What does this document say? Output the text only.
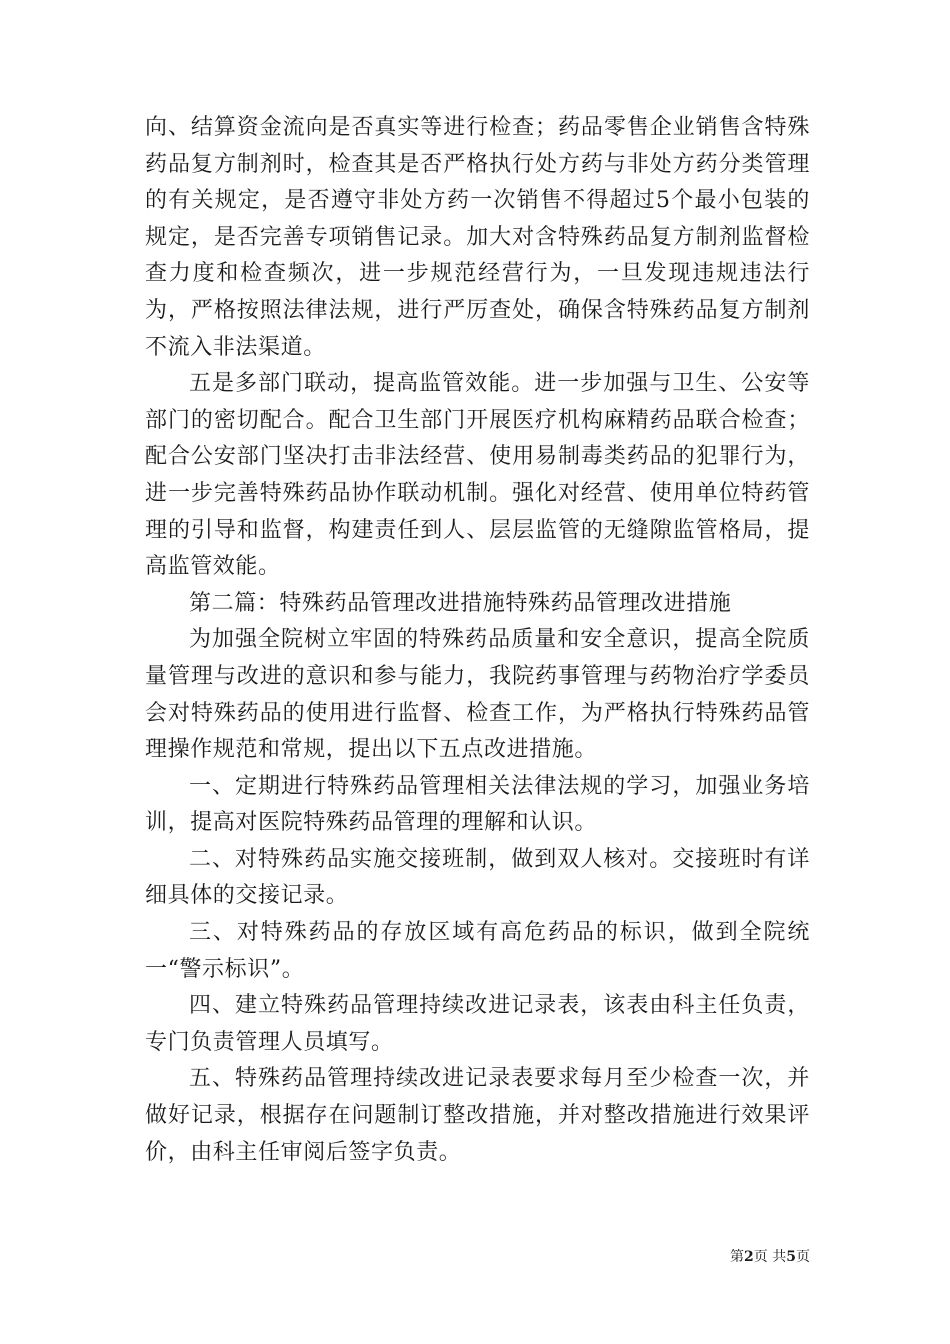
向、结算资金流向是否真实等进行检查；药品零售企业销售含特殊药品复方制剂时，检查其是否严格执行处方药与非处方药分类管理的有关规定，是否遵守非处方药一次销售不得超过5个最小包装的规定，是否完善专项销售记录。加大对含特殊药品复方制剂监督检查力度和检查频次，进一步规范经营行为，一旦发现违规违法行为，严格按照法律法规，进行严厉查处，确保含特殊药品复方制剂不流入非法渠道。

五是多部门联动，提高监管效能。进一步加强与卫生、公安等部门的密切配合。配合卫生部门开展医疗机构麻精药品联合检查；配合公安部门坚决打击非法经营、使用易制毒类药品的犯罪行为，进一步完善特殊药品协作联动机制。强化对经营、使用单位特药管理的引导和监督，构建责任到人、层层监管的无缝隙监管格局，提高监管效能。

第二篇：特殊药品管理改进措施特殊药品管理改进措施

为加强全院树立牢固的特殊药品质量和安全意识，提高全院质量管理与改进的意识和参与能力，我院药事管理与药物治疗学委员会对特殊药品的使用进行监督、检查工作，为严格执行特殊药品管理操作规范和常规，提出以下五点改进措施。

一、定期进行特殊药品管理相关法律法规的学习，加强业务培训，提高对医院特殊药品管理的理解和认识。

二、对特殊药品实施交接班制，做到双人核对。交接班时有详细具体的交接记录。

三、对特殊药品的存放区域有高危药品的标识，做到全院统一“警示标识”。

四、建立特殊药品管理持续改进记录表，该表由科主任负责，专门负责管理人员填写。

五、特殊药品管理持续改进记录表要求每月至少检查一次，并做好记录，根据存在问题制订整改措施，并对整改措施进行效果评价，由科主任审阅后签字负责。

第2页 共5页
